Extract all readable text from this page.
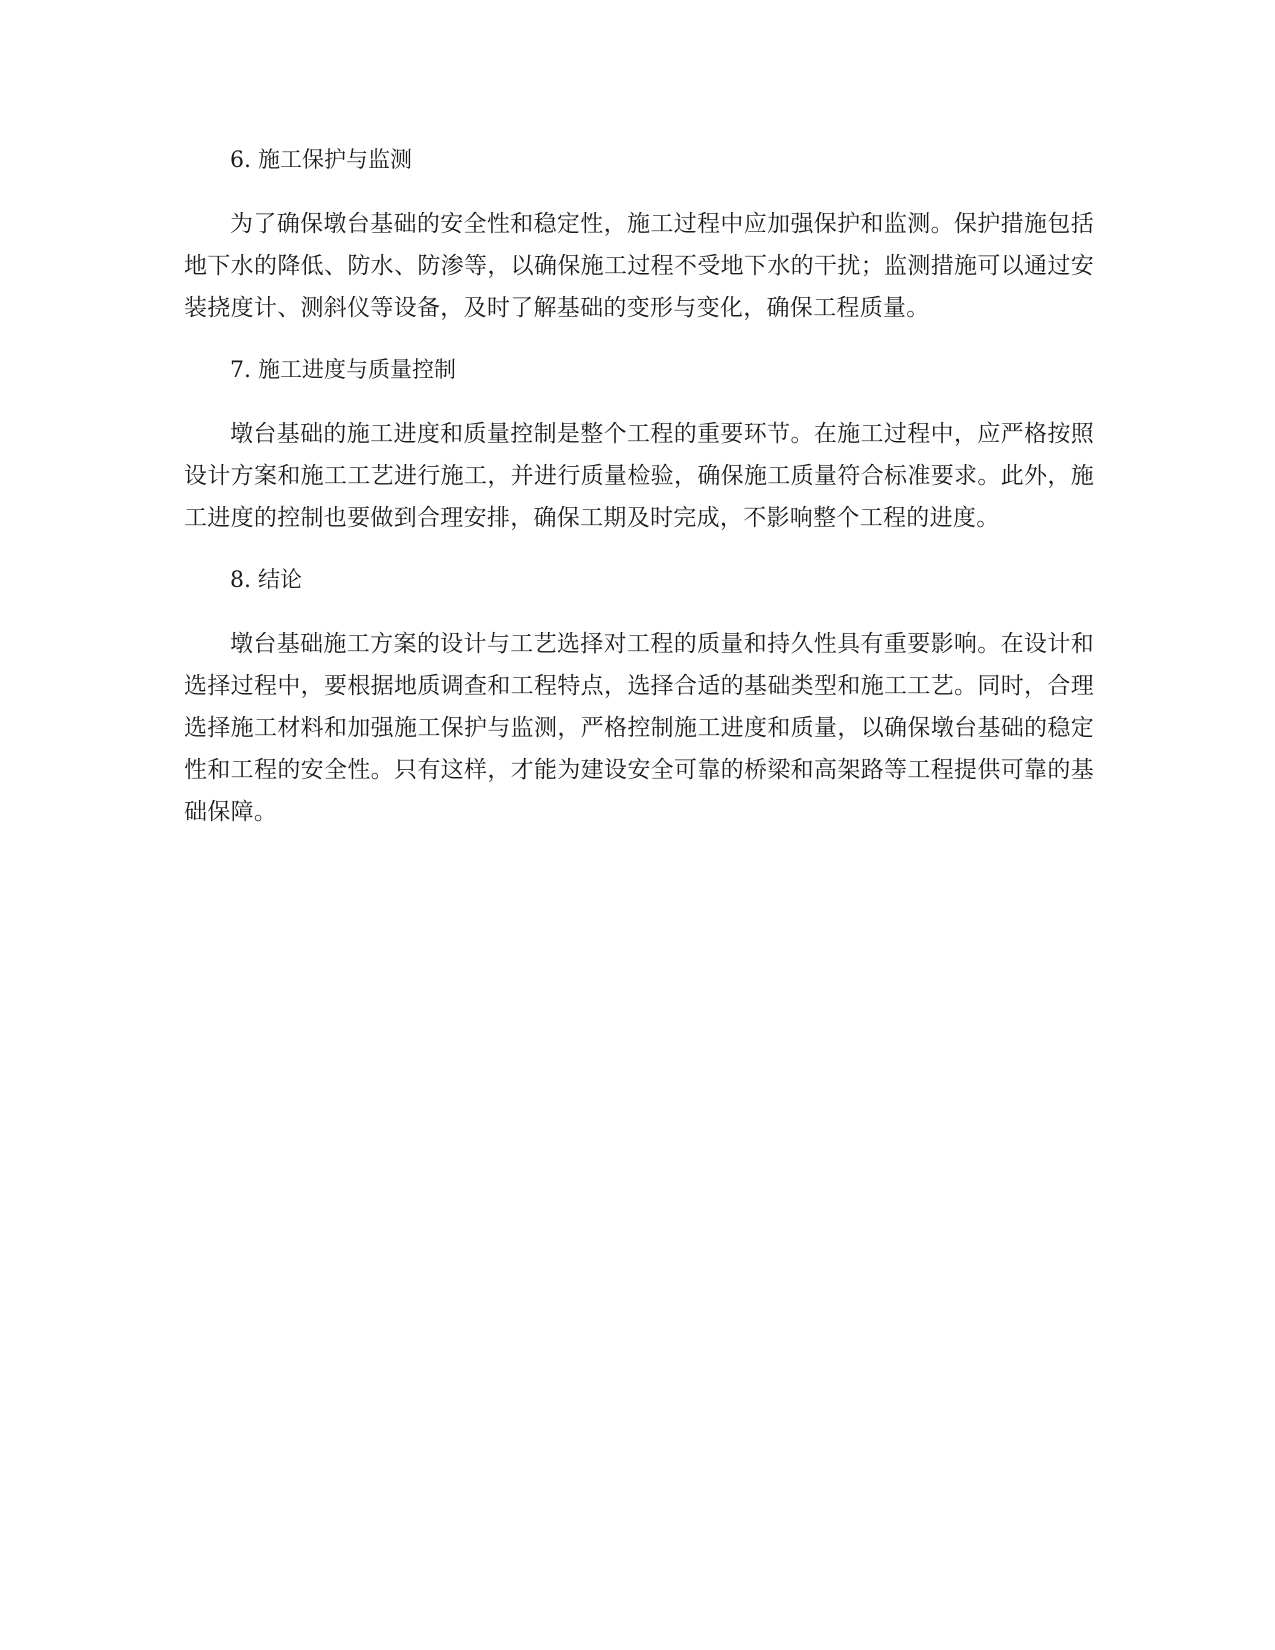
6. 施工保护与监测

为了确保墩台基础的安全性和稳定性，施工过程中应加强保护和监测。保护措施包括地下水的降低、防水、防渗等，以确保施工过程不受地下水的干扰；监测措施可以通过安装挠度计、测斜仪等设备，及时了解基础的变形与变化，确保工程质量。

7. 施工进度与质量控制

墩台基础的施工进度和质量控制是整个工程的重要环节。在施工过程中，应严格按照设计方案和施工工艺进行施工，并进行质量检验，确保施工质量符合标准要求。此外，施工进度的控制也要做到合理安排，确保工期及时完成，不影响整个工程的进度。

8. 结论

墩台基础施工方案的设计与工艺选择对工程的质量和持久性具有重要影响。在设计和选择过程中，要根据地质调查和工程特点，选择合适的基础类型和施工工艺。同时，合理选择施工材料和加强施工保护与监测，严格控制施工进度和质量，以确保墩台基础的稳定性和工程的安全性。只有这样，才能为建设安全可靠的桥梁和高架路等工程提供可靠的基础保障。
